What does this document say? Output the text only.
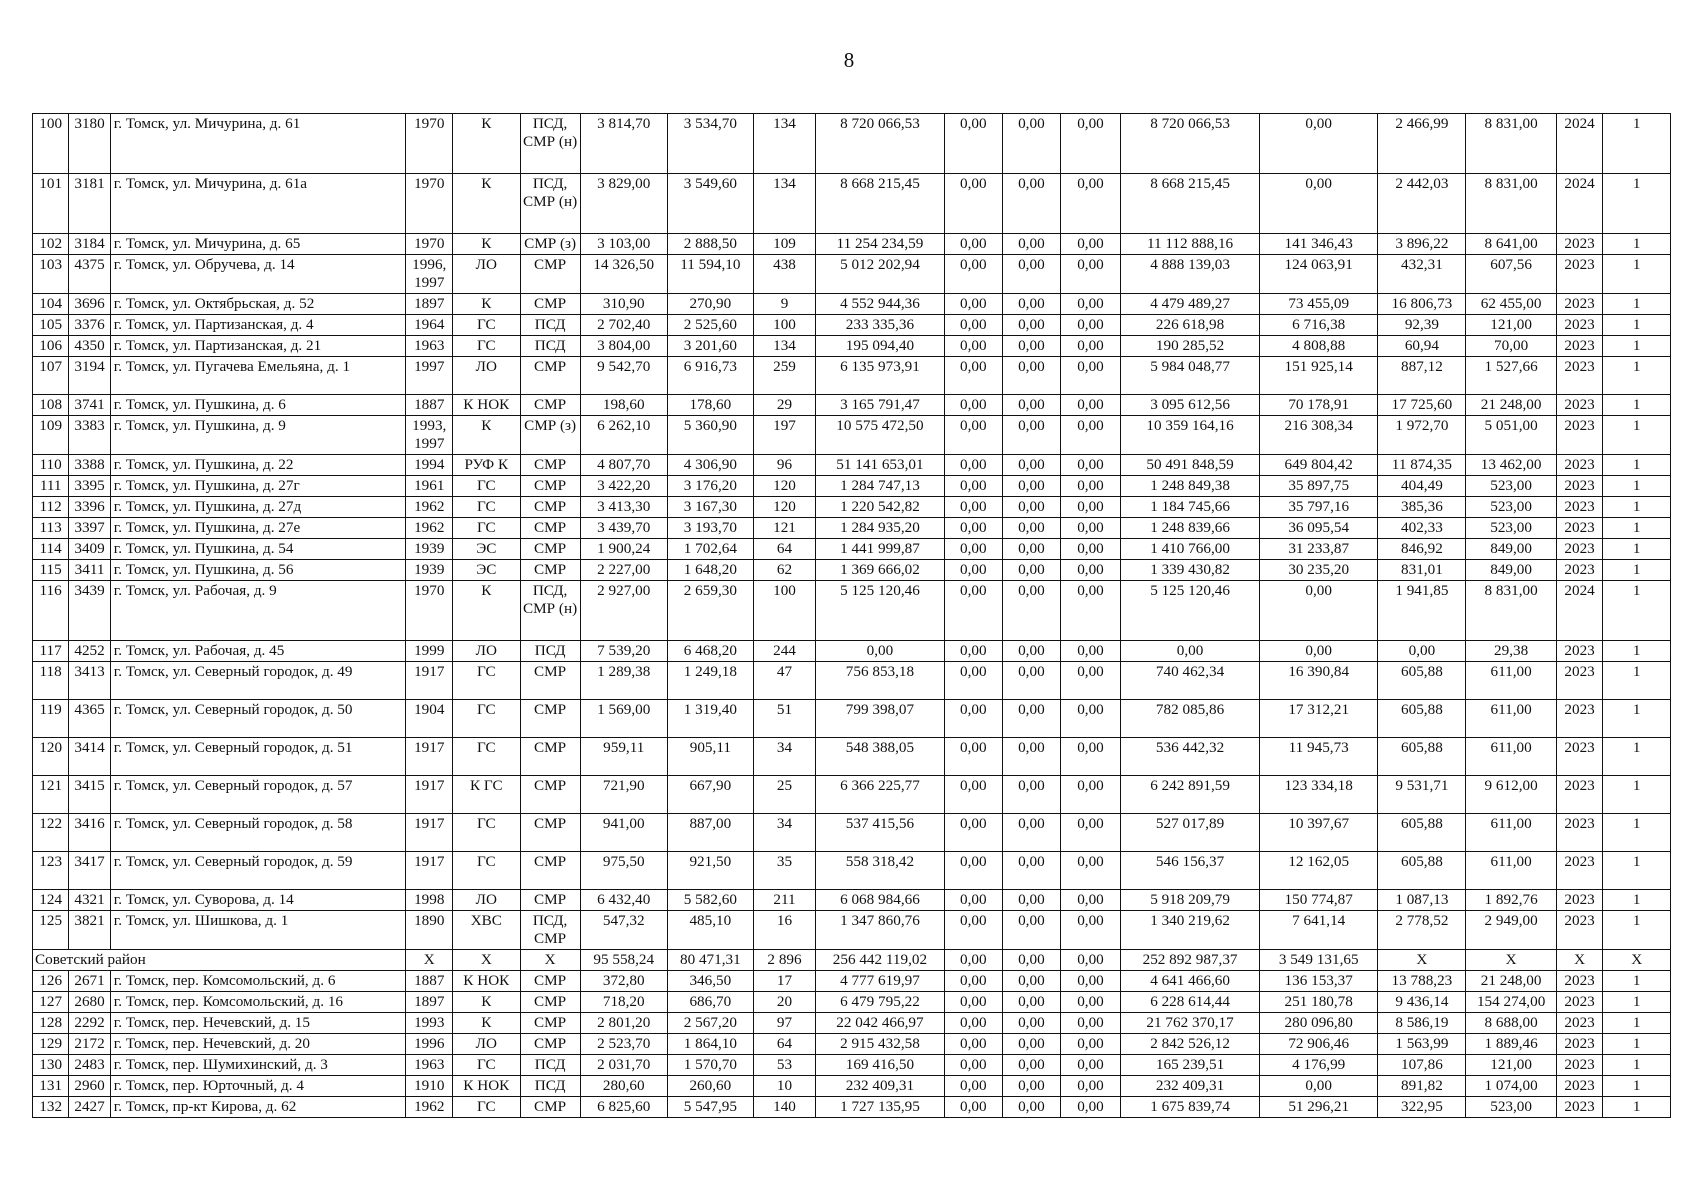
8
100	3180	г. Томск, ул. Мичурина, д. 61	1970	К	ПСД, СМР (н)	3 814,70	3 534,70	134	8 720 066,53	0,00	0,00	0,00	8 720 066,53	0,00	2 466,99	8 831,00	2024	1
101	3181	г. Томск, ул. Мичурина, д. 61а	1970	К	ПСД, СМР (н)	3 829,00	3 549,60	134	8 668 215,45	0,00	0,00	0,00	8 668 215,45	0,00	2 442,03	8 831,00	2024	1
102	3184	г. Томск, ул. Мичурина, д. 65	1970	К	СМР (з)	3 103,00	2 888,50	109	11 254 234,59	0,00	0,00	0,00	11 112 888,16	141 346,43	3 896,22	8 641,00	2023	1
103	4375	г. Томск, ул. Обручева, д. 14	1996, 1997	ЛО	СМР	14 326,50	11 594,10	438	5 012 202,94	0,00	0,00	0,00	4 888 139,03	124 063,91	432,31	607,56	2023	1
104	3696	г. Томск, ул. Октябрьская, д. 52	1897	К	СМР	310,90	270,90	9	4 552 944,36	0,00	0,00	0,00	4 479 489,27	73 455,09	16 806,73	62 455,00	2023	1
105	3376	г. Томск, ул. Партизанская, д. 4	1964	ГС	ПСД	2 702,40	2 525,60	100	233 335,36	0,00	0,00	0,00	226 618,98	6 716,38	92,39	121,00	2023	1
106	4350	г. Томск, ул. Партизанская, д. 21	1963	ГС	ПСД	3 804,00	3 201,60	134	195 094,40	0,00	0,00	0,00	190 285,52	4 808,88	60,94	70,00	2023	1
107	3194	г. Томск, ул. Пугачева Емельяна, д. 1	1997	ЛО	СМР	9 542,70	6 916,73	259	6 135 973,91	0,00	0,00	0,00	5 984 048,77	151 925,14	887,12	1 527,66	2023	1
108	3741	г. Томск, ул. Пушкина, д. 6	1887	К НОК	СМР	198,60	178,60	29	3 165 791,47	0,00	0,00	0,00	3 095 612,56	70 178,91	17 725,60	21 248,00	2023	1
109	3383	г. Томск, ул. Пушкина, д. 9	1993, 1997	К	СМР (з)	6 262,10	5 360,90	197	10 575 472,50	0,00	0,00	0,00	10 359 164,16	216 308,34	1 972,70	5 051,00	2023	1
110	3388	г. Томск, ул. Пушкина, д. 22	1994	РУФ К	СМР	4 807,70	4 306,90	96	51 141 653,01	0,00	0,00	0,00	50 491 848,59	649 804,42	11 874,35	13 462,00	2023	1
111	3395	г. Томск, ул. Пушкина, д. 27г	1961	ГС	СМР	3 422,20	3 176,20	120	1 284 747,13	0,00	0,00	0,00	1 248 849,38	35 897,75	404,49	523,00	2023	1
112	3396	г. Томск, ул. Пушкина, д. 27д	1962	ГС	СМР	3 413,30	3 167,30	120	1 220 542,82	0,00	0,00	0,00	1 184 745,66	35 797,16	385,36	523,00	2023	1
113	3397	г. Томск, ул. Пушкина, д. 27е	1962	ГС	СМР	3 439,70	3 193,70	121	1 284 935,20	0,00	0,00	0,00	1 248 839,66	36 095,54	402,33	523,00	2023	1
114	3409	г. Томск, ул. Пушкина, д. 54	1939	ЭС	СМР	1 900,24	1 702,64	64	1 441 999,87	0,00	0,00	0,00	1 410 766,00	31 233,87	846,92	849,00	2023	1
115	3411	г. Томск, ул. Пушкина, д. 56	1939	ЭС	СМР	2 227,00	1 648,20	62	1 369 666,02	0,00	0,00	0,00	1 339 430,82	30 235,20	831,01	849,00	2023	1
116	3439	г. Томск, ул. Рабочая, д. 9	1970	К	ПСД, СМР (н)	2 927,00	2 659,30	100	5 125 120,46	0,00	0,00	0,00	5 125 120,46	0,00	1 941,85	8 831,00	2024	1
117	4252	г. Томск, ул. Рабочая, д. 45	1999	ЛО	ПСД	7 539,20	6 468,20	244	0,00	0,00	0,00	0,00	0,00	0,00	0,00	29,38	2023	1
118	3413	г. Томск, ул. Северный городок, д. 49	1917	ГС	СМР	1 289,38	1 249,18	47	756 853,18	0,00	0,00	0,00	740 462,34	16 390,84	605,88	611,00	2023	1
119	4365	г. Томск, ул. Северный городок, д. 50	1904	ГС	СМР	1 569,00	1 319,40	51	799 398,07	0,00	0,00	0,00	782 085,86	17 312,21	605,88	611,00	2023	1
120	3414	г. Томск, ул. Северный городок, д. 51	1917	ГС	СМР	959,11	905,11	34	548 388,05	0,00	0,00	0,00	536 442,32	11 945,73	605,88	611,00	2023	1
121	3415	г. Томск, ул. Северный городок, д. 57	1917	К ГС	СМР	721,90	667,90	25	6 366 225,77	0,00	0,00	0,00	6 242 891,59	123 334,18	9 531,71	9 612,00	2023	1
122	3416	г. Томск, ул. Северный городок, д. 58	1917	ГС	СМР	941,00	887,00	34	537 415,56	0,00	0,00	0,00	527 017,89	10 397,67	605,88	611,00	2023	1
123	3417	г. Томск, ул. Северный городок, д. 59	1917	ГС	СМР	975,50	921,50	35	558 318,42	0,00	0,00	0,00	546 156,37	12 162,05	605,88	611,00	2023	1
124	4321	г. Томск, ул. Суворова, д. 14	1998	ЛО	СМР	6 432,40	5 582,60	211	6 068 984,66	0,00	0,00	0,00	5 918 209,79	150 774,87	1 087,13	1 892,76	2023	1
125	3821	г. Томск, ул. Шишкова, д. 1	1890	ХВС	ПСД, СМР	547,32	485,10	16	1 347 860,76	0,00	0,00	0,00	1 340 219,62	7 641,14	2 778,52	2 949,00	2023	1
Советский район			Х	Х	Х	95 558,24	80 471,31	2 896	256 442 119,02	0,00	0,00	0,00	252 892 987,37	3 549 131,65	Х	Х	Х	Х
126	2671	г. Томск, пер. Комсомольский, д. 6	1887	К НОК	СМР	372,80	346,50	17	4 777 619,97	0,00	0,00	0,00	4 641 466,60	136 153,37	13 788,23	21 248,00	2023	1
127	2680	г. Томск, пер. Комсомольский, д. 16	1897	К	СМР	718,20	686,70	20	6 479 795,22	0,00	0,00	0,00	6 228 614,44	251 180,78	9 436,14	154 274,00	2023	1
128	2292	г. Томск, пер. Нечевский, д. 15	1993	К	СМР	2 801,20	2 567,20	97	22 042 466,97	0,00	0,00	0,00	21 762 370,17	280 096,80	8 586,19	8 688,00	2023	1
129	2172	г. Томск, пер. Нечевский, д. 20	1996	ЛО	СМР	2 523,70	1 864,10	64	2 915 432,58	0,00	0,00	0,00	2 842 526,12	72 906,46	1 563,99	1 889,46	2023	1
130	2483	г. Томск, пер. Шумихинский, д. 3	1963	ГС	ПСД	2 031,70	1 570,70	53	169 416,50	0,00	0,00	0,00	165 239,51	4 176,99	107,86	121,00	2023	1
131	2960	г. Томск, пер. Юрточный, д. 4	1910	К НОК	ПСД	280,60	260,60	10	232 409,31	0,00	0,00	0,00	232 409,31	0,00	891,82	1 074,00	2023	1
132	2427	г. Томск, пр-кт Кирова, д. 62	1962	ГС	СМР	6 825,60	5 547,95	140	1 727 135,95	0,00	0,00	0,00	1 675 839,74	51 296,21	322,95	523,00	2023	1
